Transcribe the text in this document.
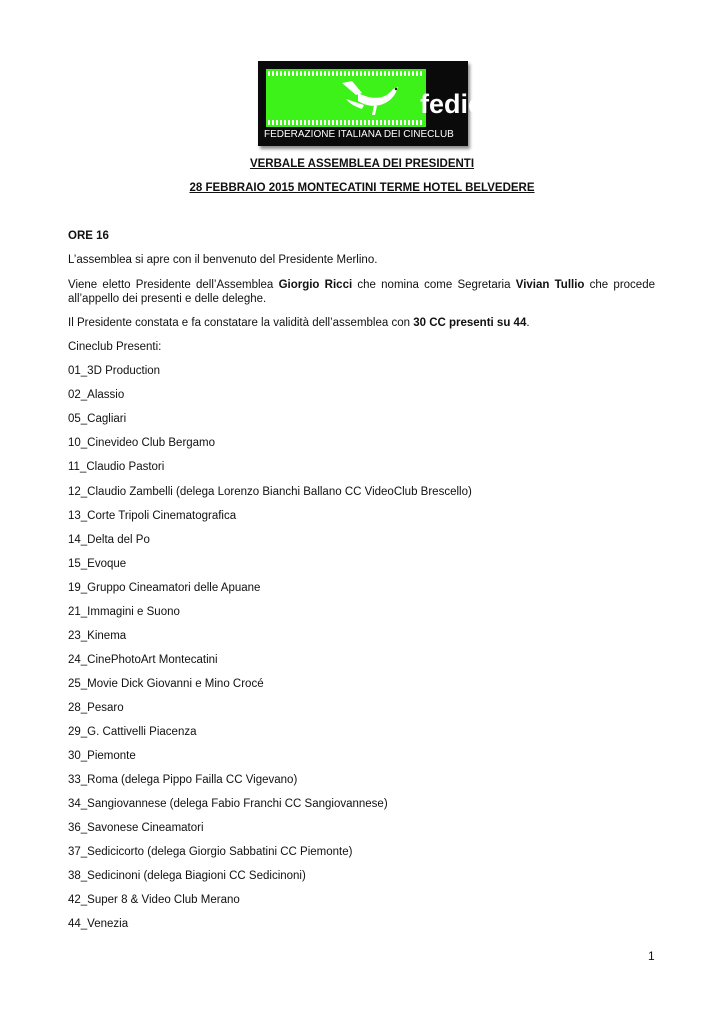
fedic
FEDERAZIONE ITALIANA DEI CINECLUB
VERBALE ASSEMBLEA DEI PRESIDENTI
28 FEBBRAIO 2015 MONTECATINI TERME HOTEL BELVEDERE
ORE 16
L’assemblea si apre con il benvenuto del Presidente Merlino.
Viene eletto Presidente dell’Assemblea Giorgio Ricci che nomina come Segretaria Vivian Tullio che procede all’appello dei presenti e delle deleghe.
Il Presidente constata e fa constatare la validità dell’assemblea con 30 CC presenti su 44.
Cineclub Presenti:
01_3D Production
02_Alassio
05_Cagliari
10_Cinevideo Club Bergamo
11_Claudio Pastori
12_Claudio Zambelli (delega Lorenzo Bianchi Ballano CC VideoClub Brescello)
13_Corte Tripoli Cinematografica
14_Delta del Po
15_Evoque
19_Gruppo Cineamatori delle Apuane
21_Immagini e Suono
23_Kinema
24_CinePhotoArt Montecatini
25_Movie Dick Giovanni e Mino Crocé
28_Pesaro
29_G. Cattivelli Piacenza
30_Piemonte
33_Roma (delega Pippo Failla CC Vigevano)
34_Sangiovannese (delega Fabio Franchi CC Sangiovannese)
36_Savonese Cineamatori
37_Sedicicorto (delega Giorgio Sabbatini CC Piemonte)
38_Sedicinoni (delega Biagioni CC Sedicinoni)
42_Super 8 & Video Club Merano
44_Venezia
1
